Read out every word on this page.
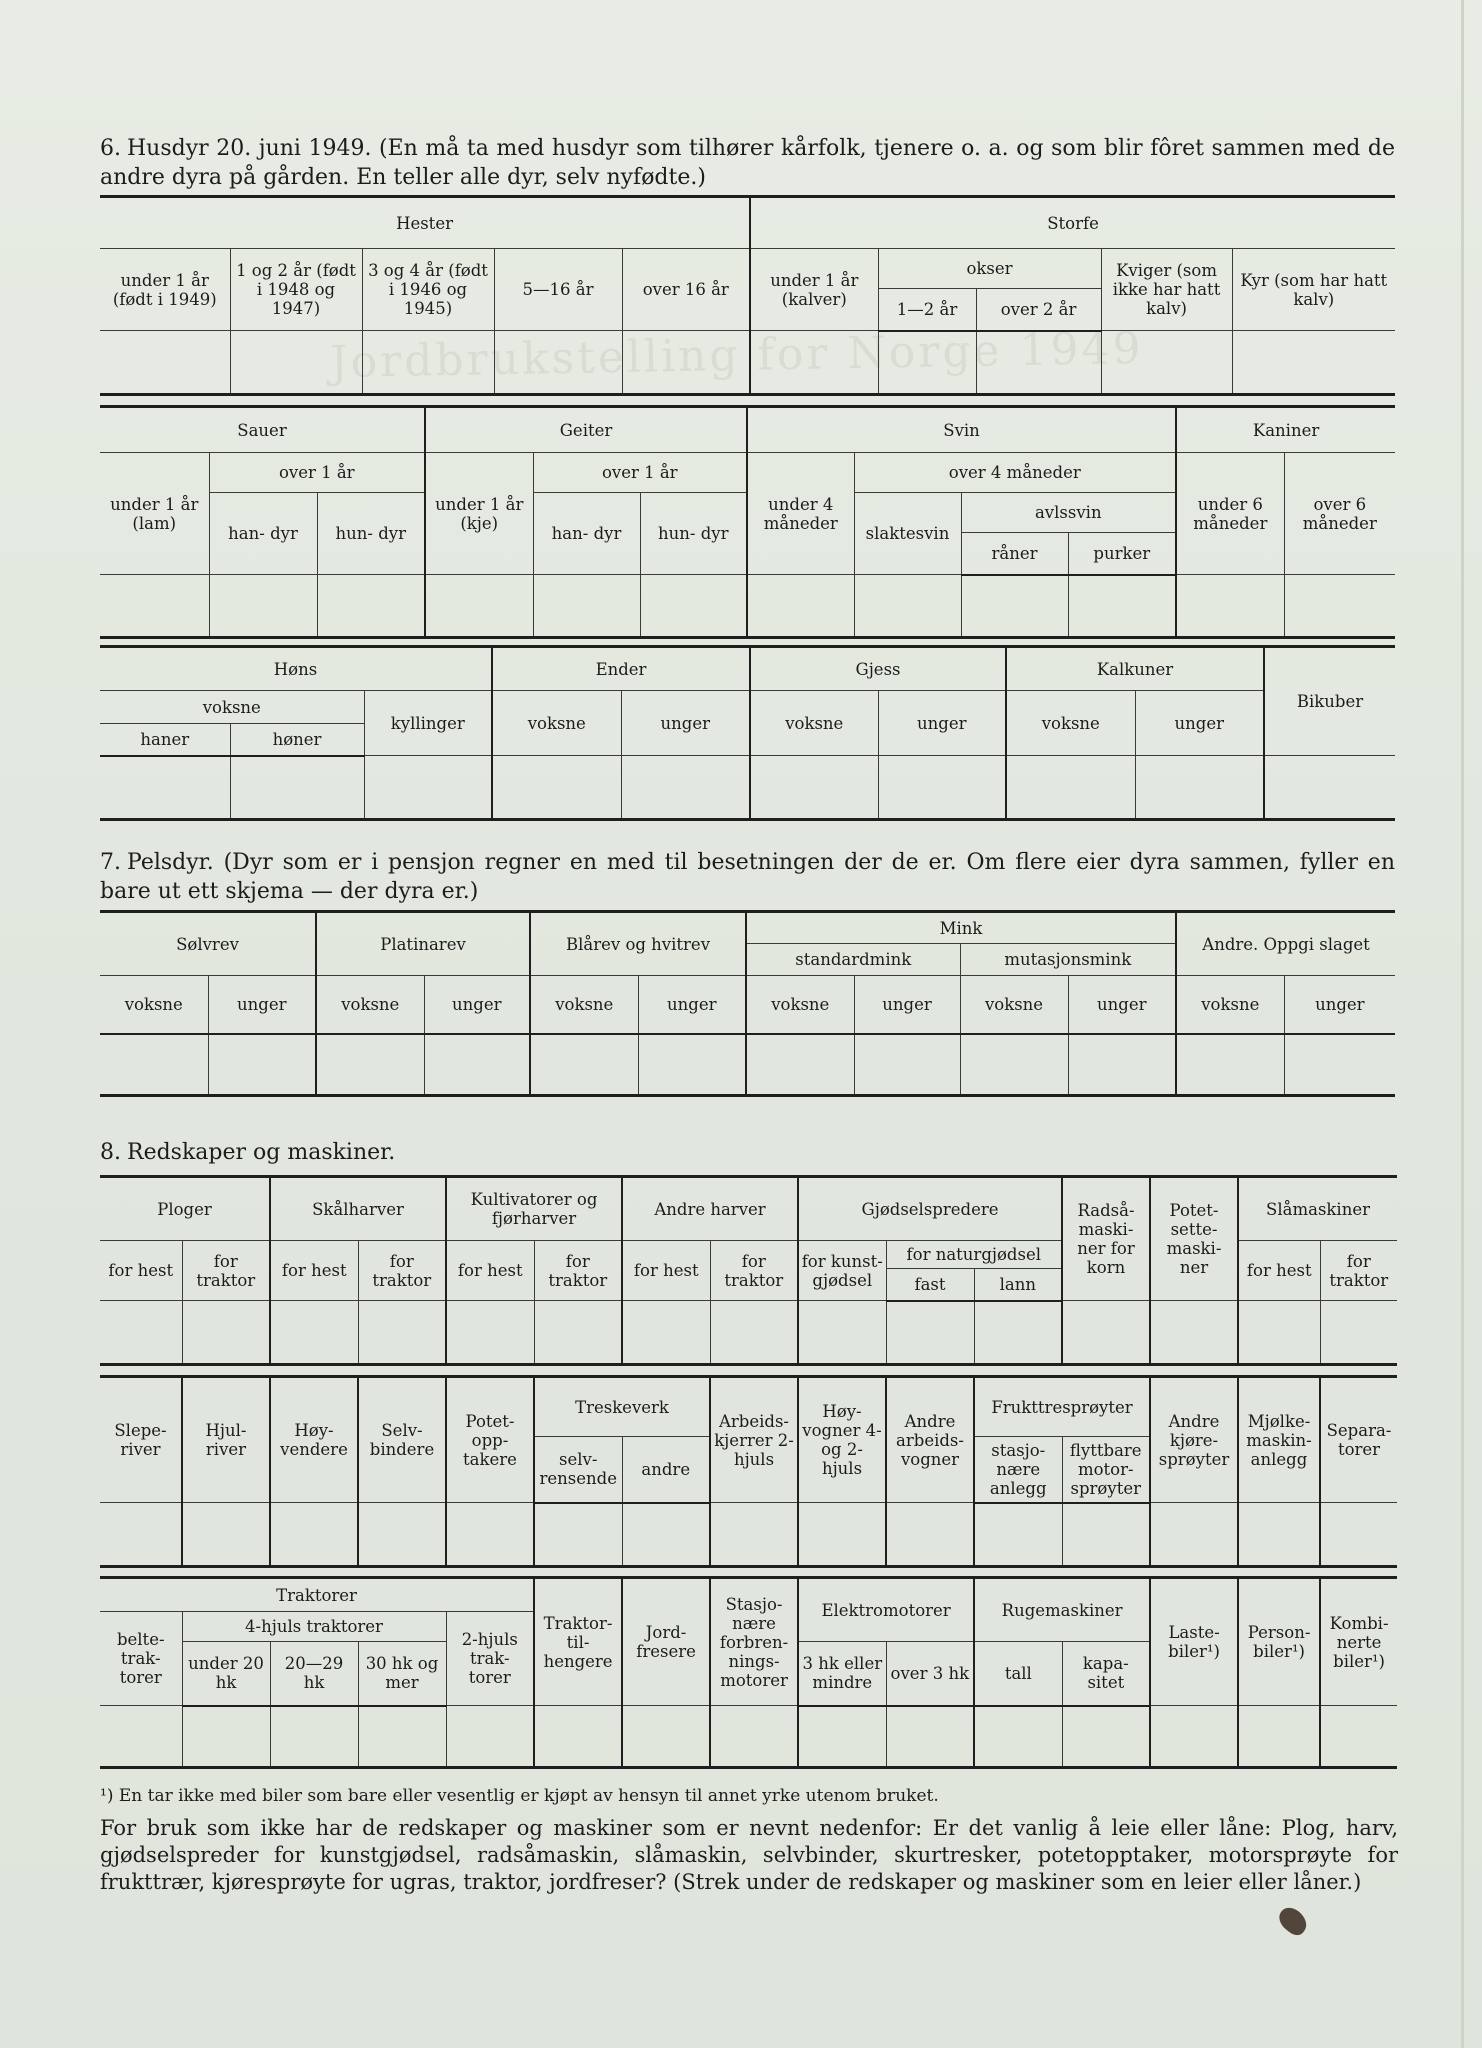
Jordbrukstelling for Norge 1949
6. Husdyr 20. juni 1949. (En må ta med husdyr som tilhører kårfolk, tjenere o. a. og som blir fôret sammen med de andre dyra på gården. En teller alle dyr, selv nyfødte.)
Hester					Storfe				
under 1 år (født i 1949)	1 og 2 år (født i 1948 og 1947)	3 og 4 år (født i 1946 og 1945)	5—16 år	over 16 år	under 1 år (kalver)	okser		Kviger (som ikke har hatt kalv)	Kyr (som har hatt kalv)
						1—2 år	over 2 år		

Sauer			Geiter			Svin				Kaniner	
under 1 år (lam)	over 1 år		under 1 år (kje)	over 1 år		under 4 måneder	over 4 måneder			under 6 måneder	over 6 måneder
	han- dyr	hun- dyr		han- dyr	hun- dyr		slaktesvin	avlssvin			
								råner	purker		

Høns			Ender		Gjess		Kalkuner		Bikuber
voksne		kyllinger	voksne	unger	voksne	unger	voksne	unger	
haner	høner								

7. Pelsdyr. (Dyr som er i pensjon regner en med til besetningen der de er. Om flere eier dyra sammen, fyller en bare ut ett skjema — der dyra er.)
Sølvrev		Platinarev		Blårev og hvitrev		Mink				Andre. Oppgi slaget	
						standardmink		mutasjonsmink			
voksne	unger	voksne	unger	voksne	unger	voksne	unger	voksne	unger	voksne	unger

8. Redskaper og maskiner.
Ploger		Skålharver		Kultivatorer og fjørharver		Andre harver		Gjødselspredere			Radså- maski- ner for korn	Potet- sette- maski- ner	Slåmaskiner	
for hest	for traktor	for hest	for traktor	for hest	for traktor	for hest	for traktor	for kunst- gjødsel	for naturgjødsel				for hest	for traktor
									fast	lann				

Slepe- river	Hjul- river	Høy- vendere	Selv- bindere	Potet- opp- takere	Treskeverk		Arbeids- kjerrer 2-hjuls	Høy- vogner 4- og 2- hjuls	Andre arbeids- vogner	Frukttresprøyter		Andre kjøre- sprøyter	Mjølke- maskin- anlegg	Separa- torer
					selv- rensende	andre				stasjo- nære anlegg	flyttbare motor- sprøyter			

Traktorer					Traktor- til- hengere	Jord- fresere	Stasjo- nære forbren- nings- motorer	Elektromotorer		Rugemaskiner		Laste- biler¹)	Person- biler¹)	Kombi- nerte biler¹)
belte- trak- torer	4-hjuls traktorer			2-hjuls trak- torer										
	under 20 hk	20—29 hk	30 hk og mer					3 hk eller mindre	over 3 hk	tall	kapa- sitet			

¹) En tar ikke med biler som bare eller vesentlig er kjøpt av hensyn til annet yrke utenom bruket.
For bruk som ikke har de redskaper og maskiner som er nevnt nedenfor: Er det vanlig å leie eller låne: Plog, harv, gjødselspreder for kunstgjødsel, radsåmaskin, slåmaskin, selvbinder, skurtresker, potetopptaker, motorsprøyte for frukttrær, kjøresprøyte for ugras, traktor, jordfreser? (Strek under de redskaper og maskiner som en leier eller låner.)
